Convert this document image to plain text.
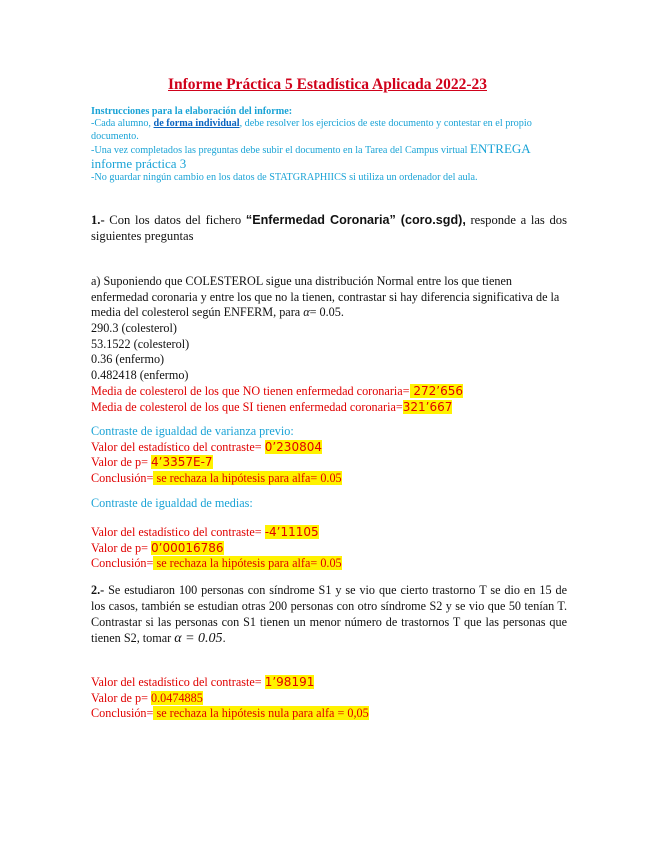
Informe Práctica 5 Estadística Aplicada 2022-23
Instrucciones para la elaboración del informe:
-Cada alumno, de forma individual, debe resolver los ejercicios de este documento y contestar en el propio documento.
-Una vez completados las preguntas debe subir el documento en la Tarea del Campus virtual ENTREGA informe práctica 3
-No guardar ningún cambio en los datos de STATGRAPHIICS si utiliza un ordenador del aula.
1.- Con los datos del fichero “Enfermedad Coronaria” (coro.sgd), responde a las dos siguientes preguntas
a) Suponiendo que COLESTEROL sigue una distribución Normal entre los que tienen enfermedad coronaria y entre los que no la tienen, contrastar si hay diferencia significativa de la media del colesterol según ENFERM, para α= 0.05.
290.3 (colesterol)
53.1522 (colesterol)
0.36 (enfermo)
0.482418 (enfermo)
Media de colesterol de los que NO tienen enfermedad coronaria= 272’656
Media de colesterol de los que SI tienen enfermedad coronaria=321’667
Contraste de igualdad de varianza previo:
Valor del estadístico del contraste= 0’230804
Valor de p= 4’3357E-7
Conclusión= se rechaza la hipótesis para alfa= 0.05
Contraste de igualdad de medias:
Valor del estadístico del contraste= -4’11105
Valor de p= 0’00016786
Conclusión= se rechaza la hipótesis para alfa= 0.05
2.- Se estudiaron 100 personas con síndrome S1 y se vio que cierto trastorno T se dio en 15 de los casos, también se estudian otras 200 personas con otro síndrome S2 y se vio que 50 tenían T. Contrastar si las personas con S1 tienen un menor número de trastornos T que las personas que tienen S2, tomar α = 0.05.
Valor del estadístico del contraste= 1’98191
Valor de p= 0.0474885
Conclusión= se rechaza la hipótesis nula para alfa = 0,05
